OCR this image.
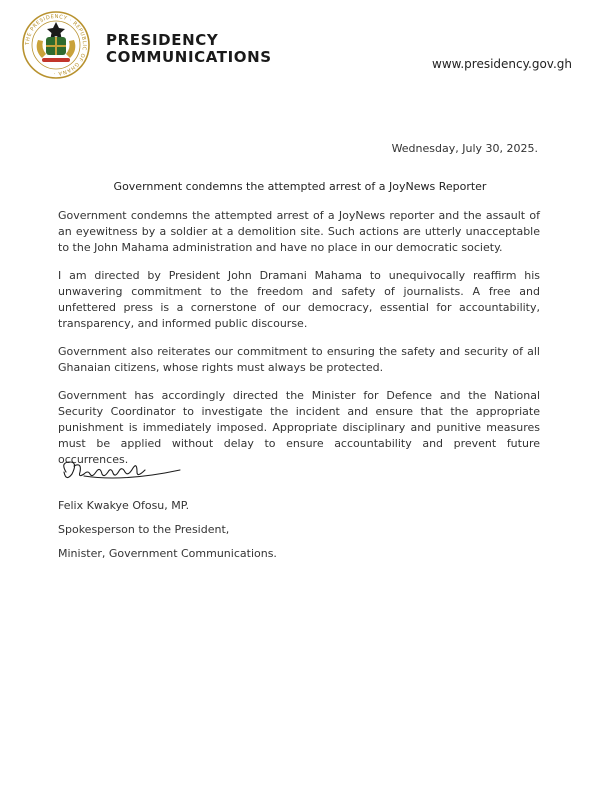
THE PRESIDENCY · REPUBLIC OF GHANA ·
PRESIDENCY
COMMUNICATIONS	www.presidency.gov.gh
Wednesday, July 30, 2025.
Government condemns the attempted arrest of a JoyNews Reporter

Government condemns the attempted arrest of a JoyNews reporter and the assault of an eyewitness by a soldier at a demolition site. Such actions are utterly unacceptable to the John Mahama administration and have no place in our democratic society.

I am directed by President John Dramani Mahama to unequivocally reaffirm his unwavering commitment to the freedom and safety of journalists. A free and unfettered press is a cornerstone of our democracy, essential for accountability, transparency, and informed public discourse.

Government also reiterates our commitment to ensuring the safety and security of all Ghanaian citizens, whose rights must always be protected.

Government has accordingly directed the Minister for Defence and the National Security Coordinator to investigate the incident and ensure that the appropriate punishment is immediately imposed. Appropriate disciplinary and punitive measures must be applied without delay to ensure accountability and prevent future occurrences.

Felix Kwakye Ofosu, MP.
Spokesperson to the President,
Minister, Government Communications.
